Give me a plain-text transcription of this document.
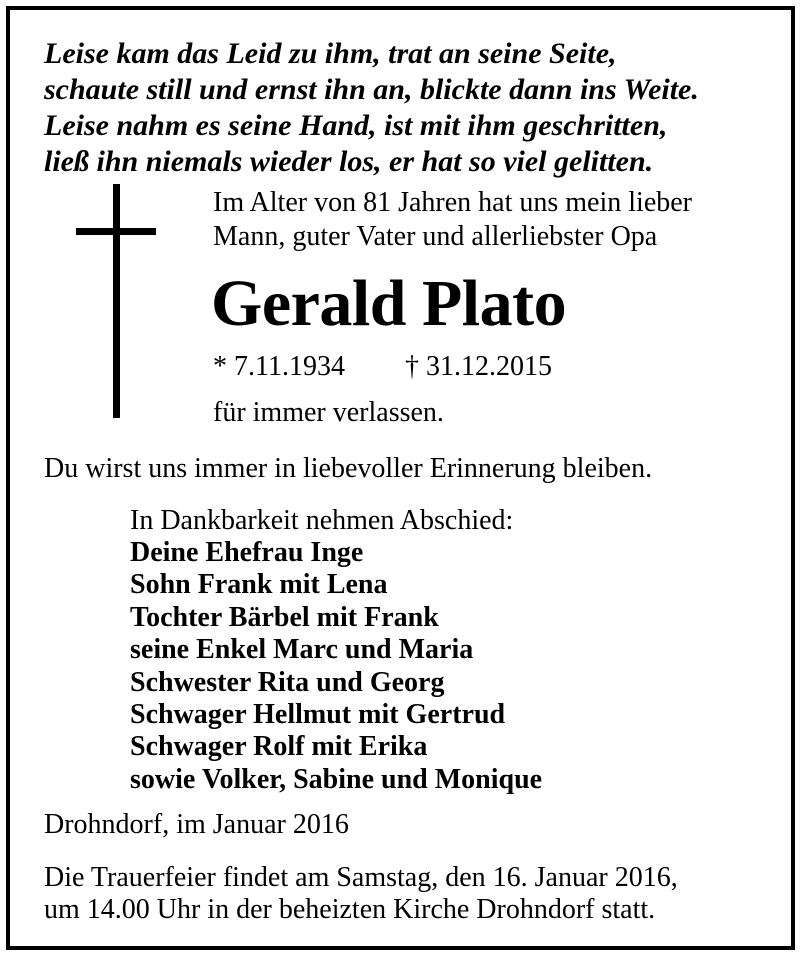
Leise kam das Leid zu ihm, trat an seine Seite,
schaute still und ernst ihn an, blickte dann ins Weite.
Leise nahm es seine Hand, ist mit ihm geschritten,
ließ ihn niemals wieder los, er hat so viel gelitten.
Im Alter von 81 Jahren hat uns mein lieber
Mann, guter Vater und allerliebster Opa
Gerald Plato
* 7.11.1934 † 31.12.2015
für immer verlassen.
Du wirst uns immer in liebevoller Erinnerung bleiben.
In Dankbarkeit nehmen Abschied:
Deine Ehefrau Inge
Sohn Frank mit Lena
Tochter Bärbel mit Frank
seine Enkel Marc und Maria
Schwester Rita und Georg
Schwager Hellmut mit Gertrud
Schwager Rolf mit Erika
sowie Volker, Sabine und Monique
Drohndorf, im Januar 2016
Die Trauerfeier findet am Samstag, den 16. Januar 2016,
um 14.00 Uhr in der beheizten Kirche Drohndorf statt.
